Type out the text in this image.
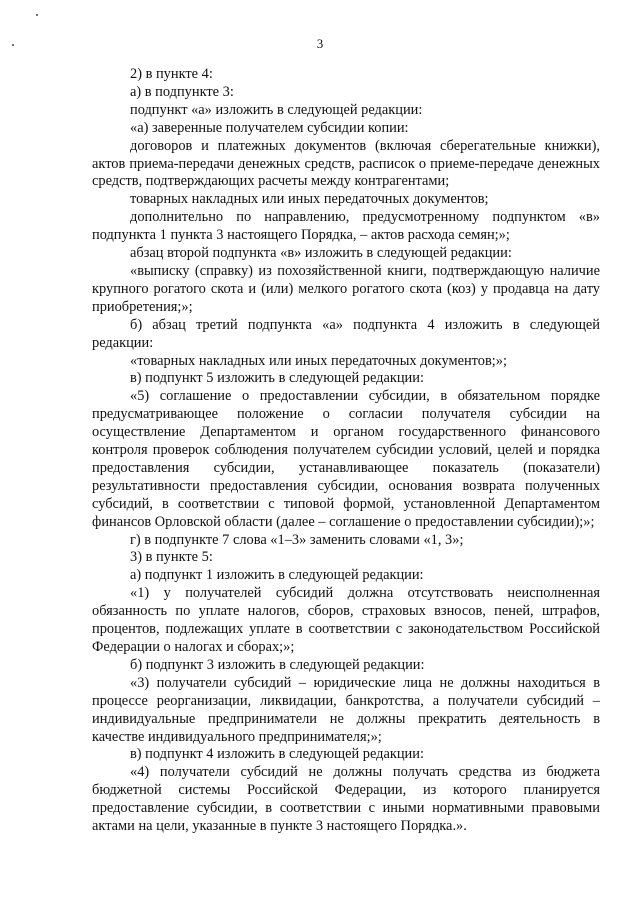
3

2) в пункте 4:

а) в подпункте 3:

подпункт «а» изложить в следующей редакции:

«а) заверенные получателем субсидии копии:

договоров и платежных документов (включая сберегательные книжки), актов приема-передачи денежных средств, расписок о приеме-передаче денежных средств, подтверждающих расчеты между контрагентами;

товарных накладных или иных передаточных документов;

дополнительно по направлению, предусмотренному подпунктом «в» подпункта 1 пункта 3 настоящего Порядка, – актов расхода семян;»;

абзац второй подпункта «в» изложить в следующей редакции:

«выписку (справку) из похозяйственной книги, подтверждающую наличие крупного рогатого скота и (или) мелкого рогатого скота (коз) у продавца на дату приобретения;»;

б) абзац третий подпункта «а» подпункта 4 изложить в следующей редакции:

«товарных накладных или иных передаточных документов;»;

в) подпункт 5 изложить в следующей редакции:

«5) соглашение о предоставлении субсидии, в обязательном порядке предусматривающее положение о согласии получателя субсидии на осуществление Департаментом и органом государственного финансового контроля проверок соблюдения получателем субсидии условий, целей и порядка предоставления субсидии, устанавливающее показатель (показатели) результативности предоставления субсидии, основания возврата полученных субсидий, в соответствии с типовой формой, установленной Департаментом финансов Орловской области (далее – соглашение о предоставлении субсидии);»;

г) в подпункте 7 слова «1–3» заменить словами «1, 3»;

3) в пункте 5:

а) подпункт 1 изложить в следующей редакции:

«1) у получателей субсидий должна отсутствовать неисполненная обязанность по уплате налогов, сборов, страховых взносов, пеней, штрафов, процентов, подлежащих уплате в соответствии с законодательством Российской Федерации о налогах и сборах;»;

б) подпункт 3 изложить в следующей редакции:

«3) получатели субсидий – юридические лица не должны находиться в процессе реорганизации, ликвидации, банкротства, а получатели субсидий – индивидуальные предприниматели не должны прекратить деятельность в качестве индивидуального предпринимателя;»;

в) подпункт 4 изложить в следующей редакции:

«4) получатели субсидий не должны получать средства из бюджета бюджетной системы Российской Федерации, из которого планируется предоставление субсидии, в соответствии с иными нормативными правовыми актами на цели, указанные в пункте 3 настоящего Порядка.».
